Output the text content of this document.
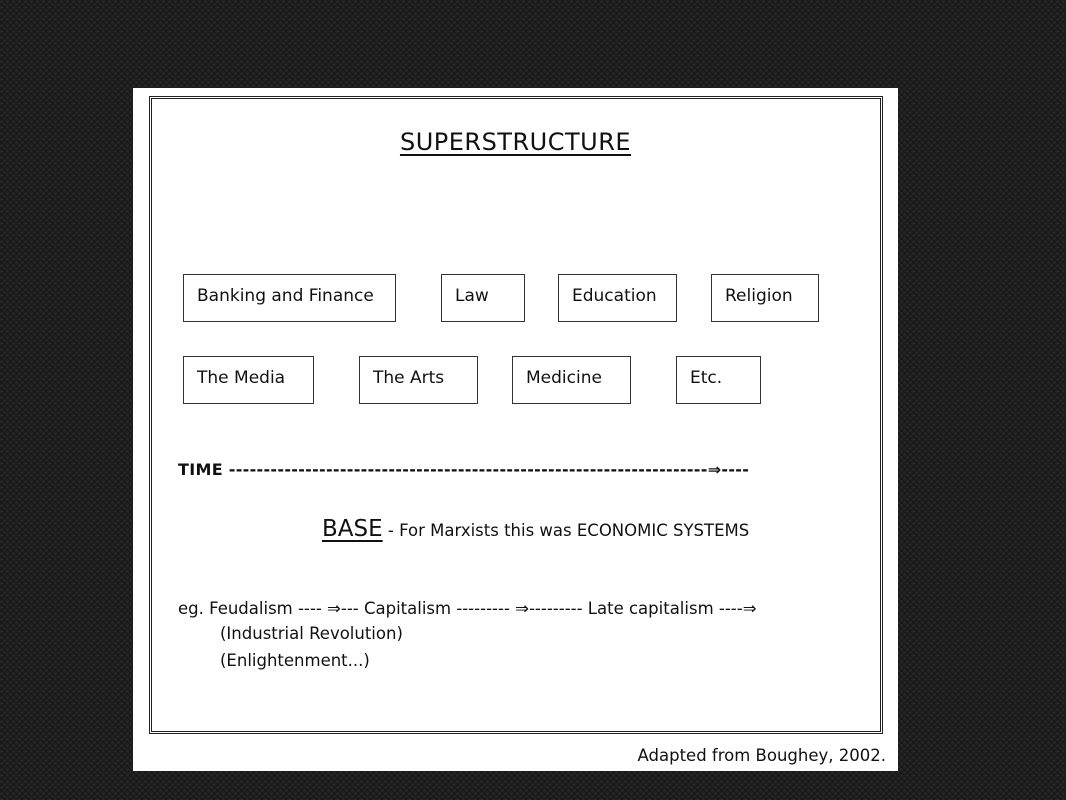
SUPERSTRUCTURE
Banking and Finance	Law	Education	Religion
The Media	The Arts	Medicine	Etc.
TIME ---------------------------------------------------------------------⇒----
BASE - For Marxists this was ECONOMIC SYSTEMS
eg. Feudalism ---- ⇒--- Capitalism --------- ⇒--------- Late capitalism ----⇒
(Industrial Revolution)
(Enlightenment...)
Adapted from Boughey, 2002.
